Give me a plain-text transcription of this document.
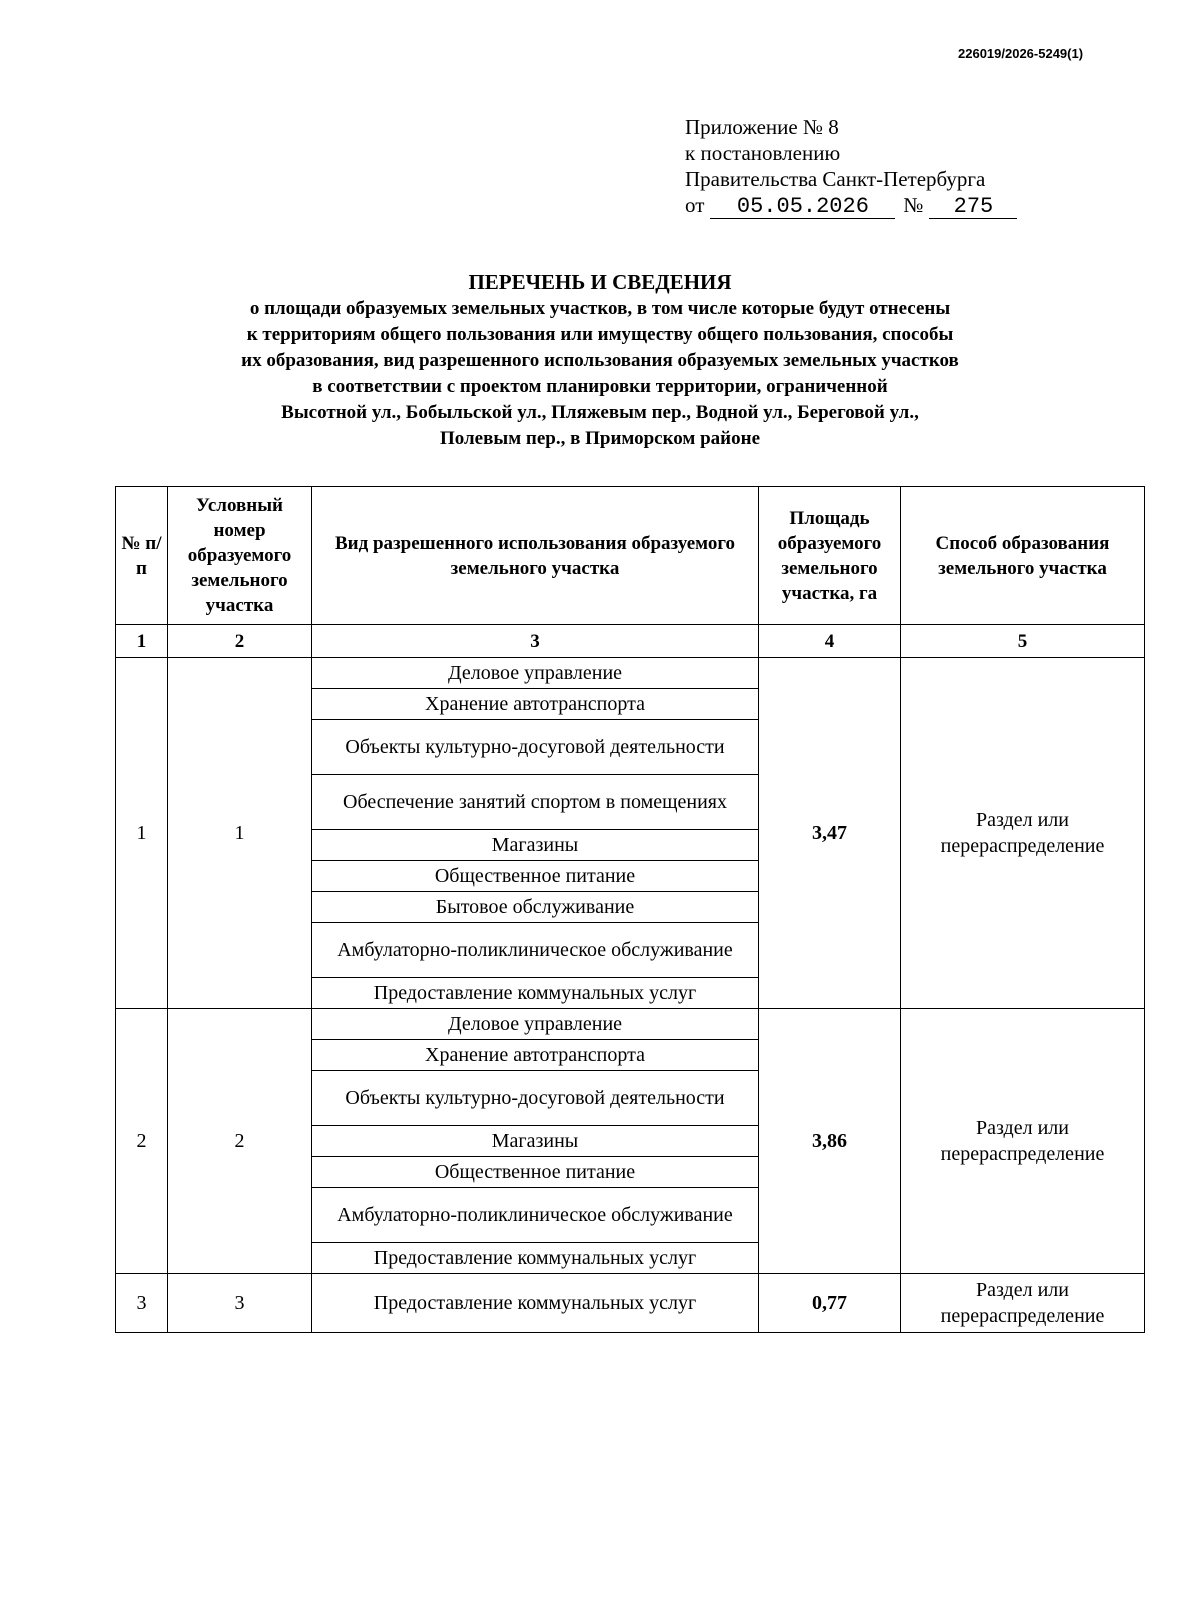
226019/2026-5249(1)
Приложение № 8
к постановлению
Правительства Санкт-Петербурга
от 05.05.2026 № 275
ПЕРЕЧЕНЬ И СВЕДЕНИЯ
о площади образуемых земельных участков, в том числе которые будут отнесены
к территориям общего пользования или имуществу общего пользования, способы
их образования, вид разрешенного использования образуемых земельных участков
в соответствии с проектом планировки территории, ограниченной
Высотной ул., Бобыльской ул., Пляжевым пер., Водной ул., Береговой ул.,
Полевым пер., в Приморском районе
№ п/п	Условный номер образуемого земельного участка	Вид разрешенного использования образуемого земельного участка	Площадь образуемого земельного участка, га	Способ образования земельного участка
1	2	3	4	5
1	1	Деловое управление	3,47	Раздел или перераспределение
		Хранение автотранспорта		
		Объекты культурно-досуговой деятельности		
		Обеспечение занятий спортом в помещениях		
		Магазины		
		Общественное питание		
		Бытовое обслуживание		
		Амбулаторно-поликлиническое обслуживание		
		Предоставление коммунальных услуг		
2	2	Деловое управление	3,86	Раздел или перераспределение
		Хранение автотранспорта		
		Объекты культурно-досуговой деятельности		
		Магазины		
		Общественное питание		
		Амбулаторно-поликлиническое обслуживание		
		Предоставление коммунальных услуг		
3	3	Предоставление коммунальных услуг	0,77	Раздел или перераспределение
